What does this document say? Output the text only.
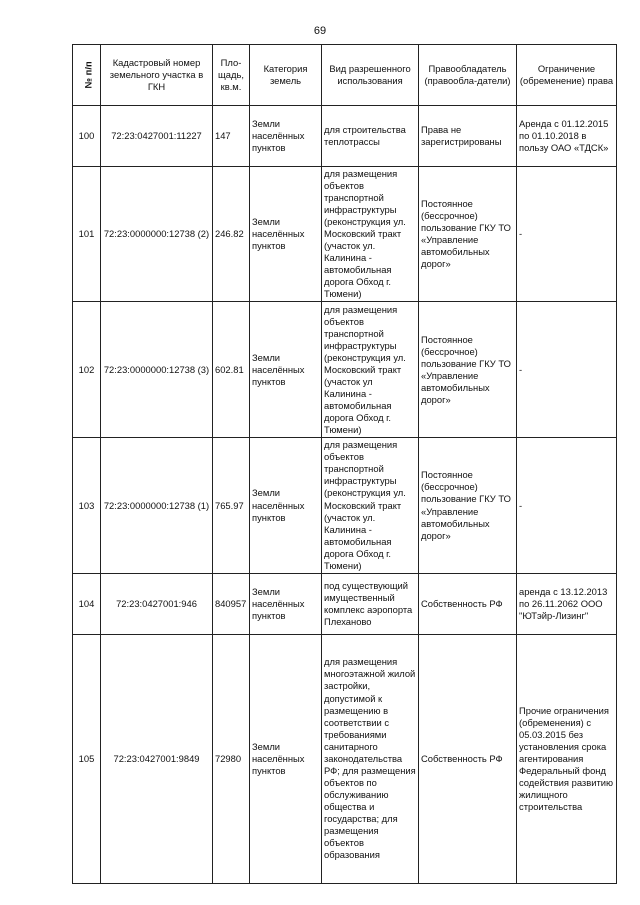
69
№ п/п	Кадастровый номер земельного участка в ГКН	Пло-щадь, кв.м.	Категория земель	Вид разрешенного использования	Правообладатель (правообла-датели)	Ограничение (обременение) права
100	72:23:0427001:11227	147	Земли населённых пунктов	для строительства теплотрассы	Права не зарегистрированы	Аренда с 01.12.2015 по 01.10.2018 в пользу ОАО «ТДСК»
101	72:23:0000000:12738 (2)	246.82	Земли населённых пунктов	для размещения объектов транспортной инфраструктуры (реконструкция ул. Московский тракт (участок ул. Калинина - автомобильная дорога Обход г. Тюмени)	Постоянное (бессрочное) пользование ГКУ ТО «Управление автомобильных дорог»	-
102	72:23:0000000:12738 (3)	602.81	Земли населённых пунктов	для размещения объектов транспортной инфраструктуры (реконструкция ул. Московский тракт (участок ул Калинина - автомобильная дорога Обход г. Тюмени)	Постоянное (бессрочное) пользование ГКУ ТО «Управление автомобильных дорог»	-
103	72:23:0000000:12738 (1)	765.97	Земли населённых пунктов	для размещения объектов транспортной инфраструктуры (реконструкция ул. Московский тракт (участок ул. Калинина - автомобильная дорога Обход г. Тюмени)	Постоянное (бессрочное) пользование ГКУ ТО «Управление автомобильных дорог»	-
104	72:23:0427001:946	840957	Земли населённых пунктов	под существующий имущественный комплекс аэропорта Плеханово	Собственность РФ	аренда с 13.12.2013 по 26.11.2062 ООО "ЮТэйр-Лизинг"
105	72:23:0427001:9849	72980	Земли населённых пунктов	для размещения многоэтажной жилой застройки, допустимой к размещению в соответствии с требованиями санитарного законодательства РФ; для размещения объектов по обслуживанию общества и государства; для размещения объектов образования	Собственность РФ	Прочие ограничения (обременения) с 05.03.2015 без установления срока агентирования Федеральный фонд содействия развитию жилищного строительства
